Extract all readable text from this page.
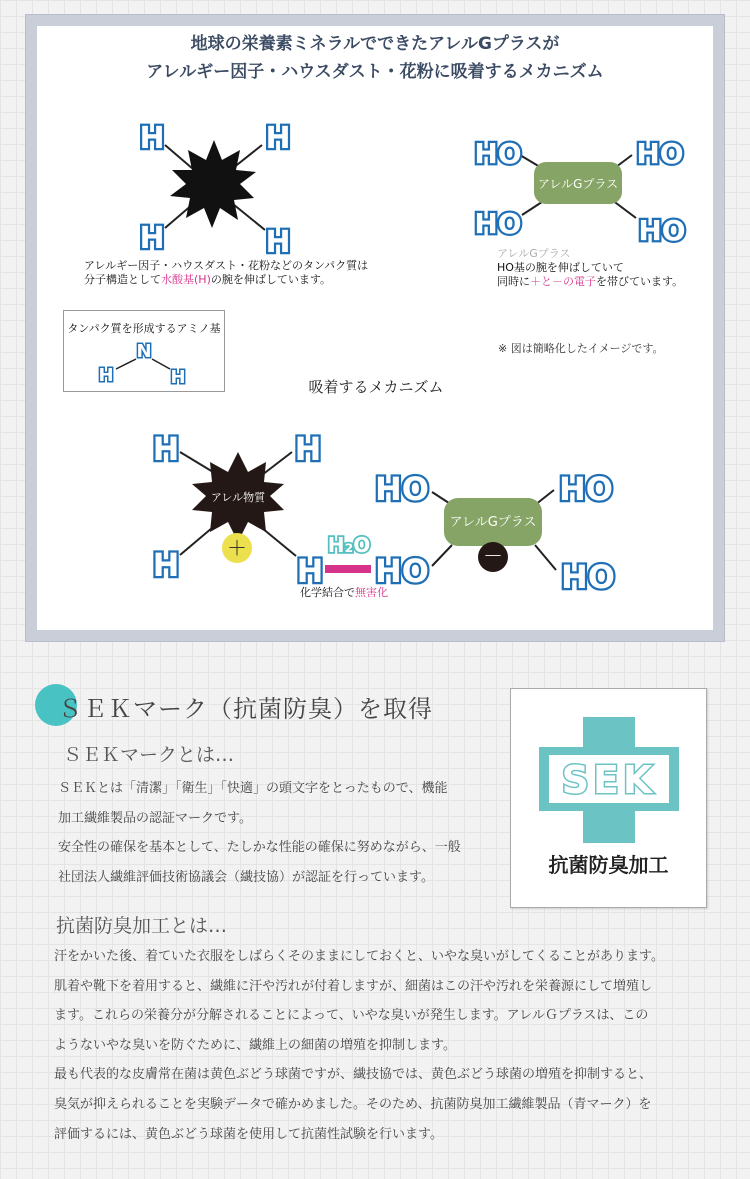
地球の栄養素ミネラルでできたアレルGプラスが
アレルギー因子・ハウスダスト・花粉に吸着するメカニズム
H	H
H	H
アレルギー因子・ハウスダスト・花粉などのタンパク質は
分子構造として水酸基(H)の腕を伸ばしています。
アレルGプラス
HO	HO
HO	HO
アレルGプラス
HO基の腕を伸ばしていて
同時に＋と－の電子を帯びています。
※ 図は簡略化したイメージです。
吸着するメカニズム
アレル物質
＋
H	H
H	H
H₂O
化学結合で無害化
アレルGプラス
－
HO	HO
HO	HO
タンパク質を形成するアミノ基
N
H	H
ＳＥＫマーク（抗菌防臭）を取得
ＳＥＫマークとは…

ＳＥＫとは「清潔」「衛生」「快適」の頭文字をとったもので、機能

加工繊維製品の認証マークです。

安全性の確保を基本として、たしかな性能の確保に努めながら、一般

社団法人繊維評価技術協議会（繊技協）が認証を行っています。

SEK
抗菌防臭加工
抗菌防臭加工とは…

汗をかいた後、着ていた衣服をしばらくそのままにしておくと、いやな臭いがしてくることがあります。

肌着や靴下を着用すると、繊維に汗や汚れが付着しますが、細菌はこの汗や汚れを栄養源にして増殖し

ます。これらの栄養分が分解されることによって、いやな臭いが発生します。アレルＧプラスは、この

ようないやな臭いを防ぐために、繊維上の細菌の増殖を抑制します。

最も代表的な皮膚常在菌は黄色ぶどう球菌ですが、繊技協では、黄色ぶどう球菌の増殖を抑制すると、

臭気が抑えられることを実験データで確かめました。そのため、抗菌防臭加工繊維製品（青マーク）を

評価するには、黄色ぶどう球菌を使用して抗菌性試験を行います。
